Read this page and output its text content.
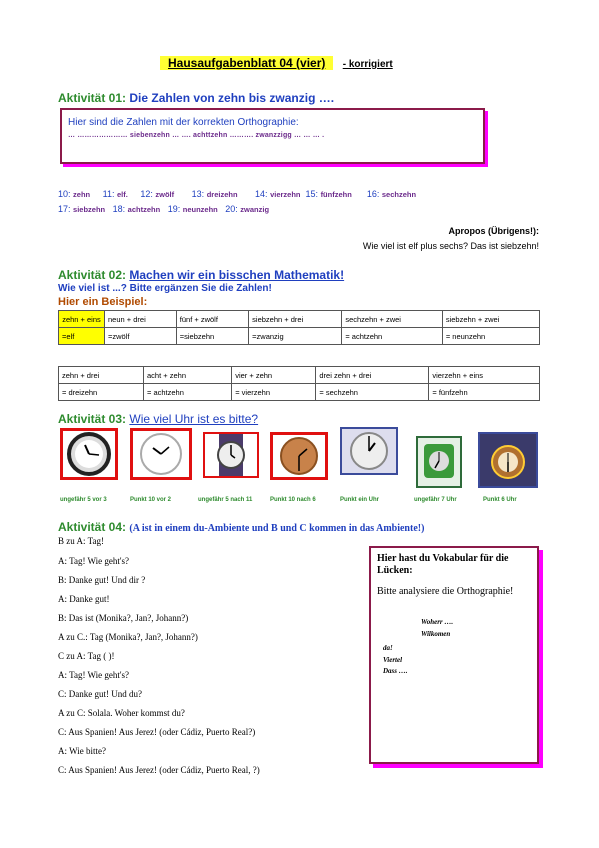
Hausaufgabenblatt 04 (vier) - korrigiert
Aktivität 01: Die Zahlen von zehn bis zwanzig ….
Hier sind die Zahlen mit der korrekten Orthographie:
… ………………… siebenzehn … …. achttzehn ………. zwanzzigg … … … .
10: zehn 11: elf. 12: zwölf 13: dreizehn 14: vierzehn 15: fünfzehn 16: sechzehn
17: siebzehn 18: achtzehn 19: neunzehn 20: zwanzig
Apropos (Übrigens!):
Wie viel ist elf plus sechs? Das ist siebzehn!
Aktivität 02: Machen wir ein bisschen Mathematik!
Wie viel ist ...? Bitte ergänzen Sie die Zahlen!
Hier ein Beispiel:
zehn + eins	neun + drei	fünf + zwölf	siebzehn + drei	sechzehn + zwei	siebzehn + zwei
=elf	=zwölf	=siebzehn	=zwanzig	= achtzehn	= neunzehn
zehn + drei	acht + zehn	vier + zehn	drei zehn + drei	vierzehn + eins
= dreizehn	= achtzehn	= vierzehn	= sechzehn	= fünfzehn
Aktivität 03: Wie viel Uhr ist es bitte?
ungefähr 5 vor 3	Punkt 10 vor 2	ungefähr 5 nach 11	Punkt 10 nach 6	Punkt ein Uhr	ungefähr 7 Uhr	Punkt 6 Uhr
Aktivität 04: (A ist in einem du-Ambiente und B und C kommen in das Ambiente!)
B zu A: Tag!
A: Tag! Wie geht's?
B: Danke gut! Und dir ?
A: Danke gut!
B: Das ist (Monika?, Jan?, Johann?)
A zu C.: Tag (Monika?, Jan?, Johann?)
C zu A: Tag ( )!
A: Tag! Wie geht's?
C: Danke gut! Und du?
A zu C: Solala. Woher kommst du?
C: Aus Spanien! Aus Jerez! (oder Cádiz, Puerto Real?)
A: Wie bitte?
C: Aus Spanien! Aus Jerez! (oder Cádiz, Puerto Real, ?)
Hier hast du Vokabular für die Lücken:
Bitte analysiere die Orthographie!
Woherr ….
Wilkomen
da!
Viertel
Dass ….
